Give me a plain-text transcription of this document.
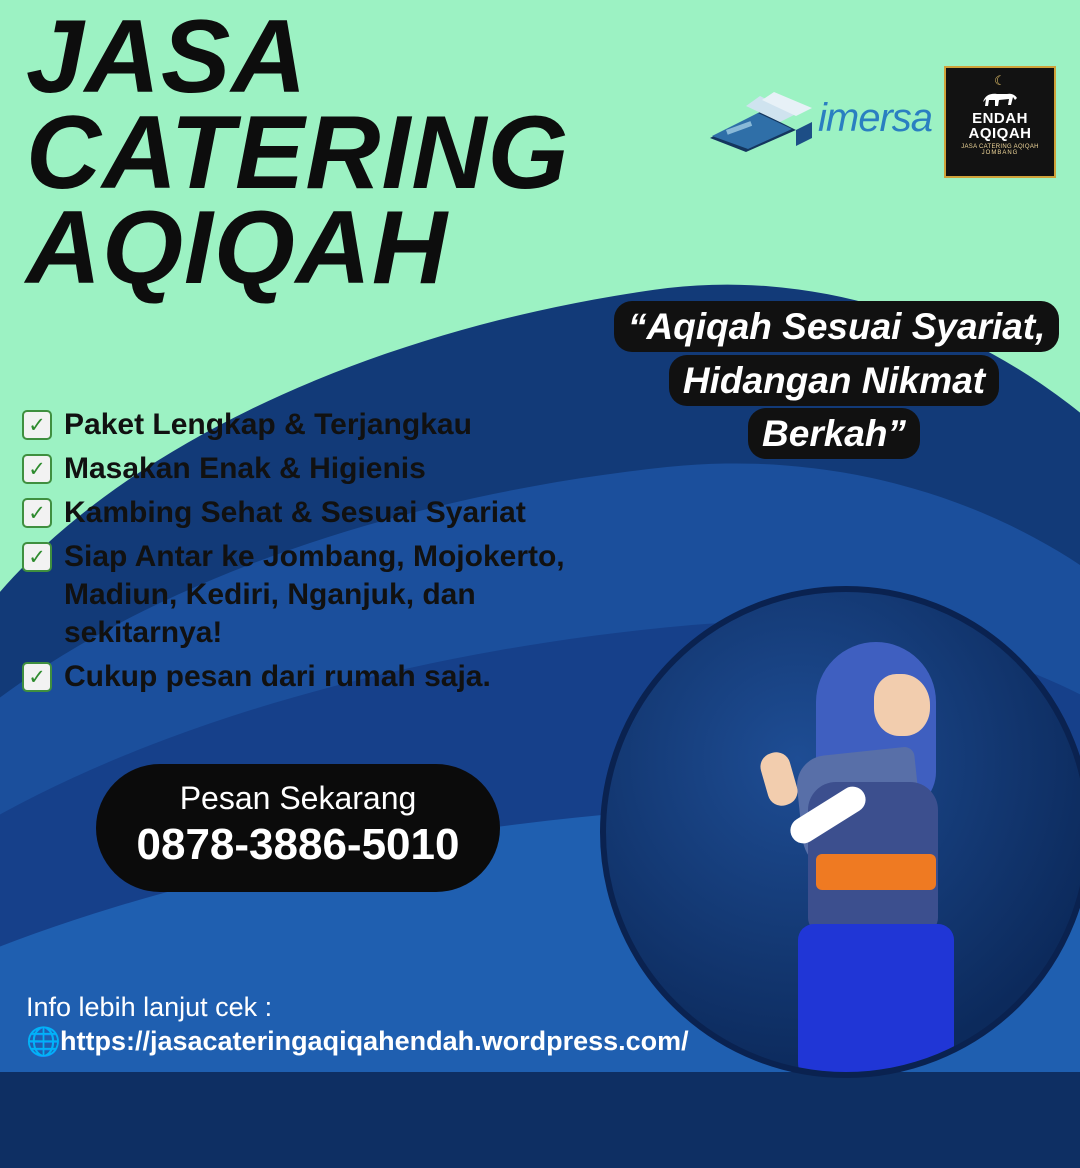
JASA
CATERING
AQIQAH
imersa
☾
ENDAH
AQIQAH
JASA CATERING AQIQAH
JOMBANG
“Aqiqah Sesuai Syariat, Hidangan Nikmat Berkah”
✓ Paket Lengkap & Terjangkau
✓ Masakan Enak & Higienis
✓ Kambing Sehat & Sesuai Syariat
✓ Siap Antar ke Jombang, Mojokerto, Madiun, Kediri, Nganjuk, dan sekitarnya!
✓ Cukup pesan dari rumah saja.
Pesan Sekarang
0878-3886-5010
Info lebih lanjut cek :
🌐 https://jasacateringaqiqahendah.wordpress.com/
